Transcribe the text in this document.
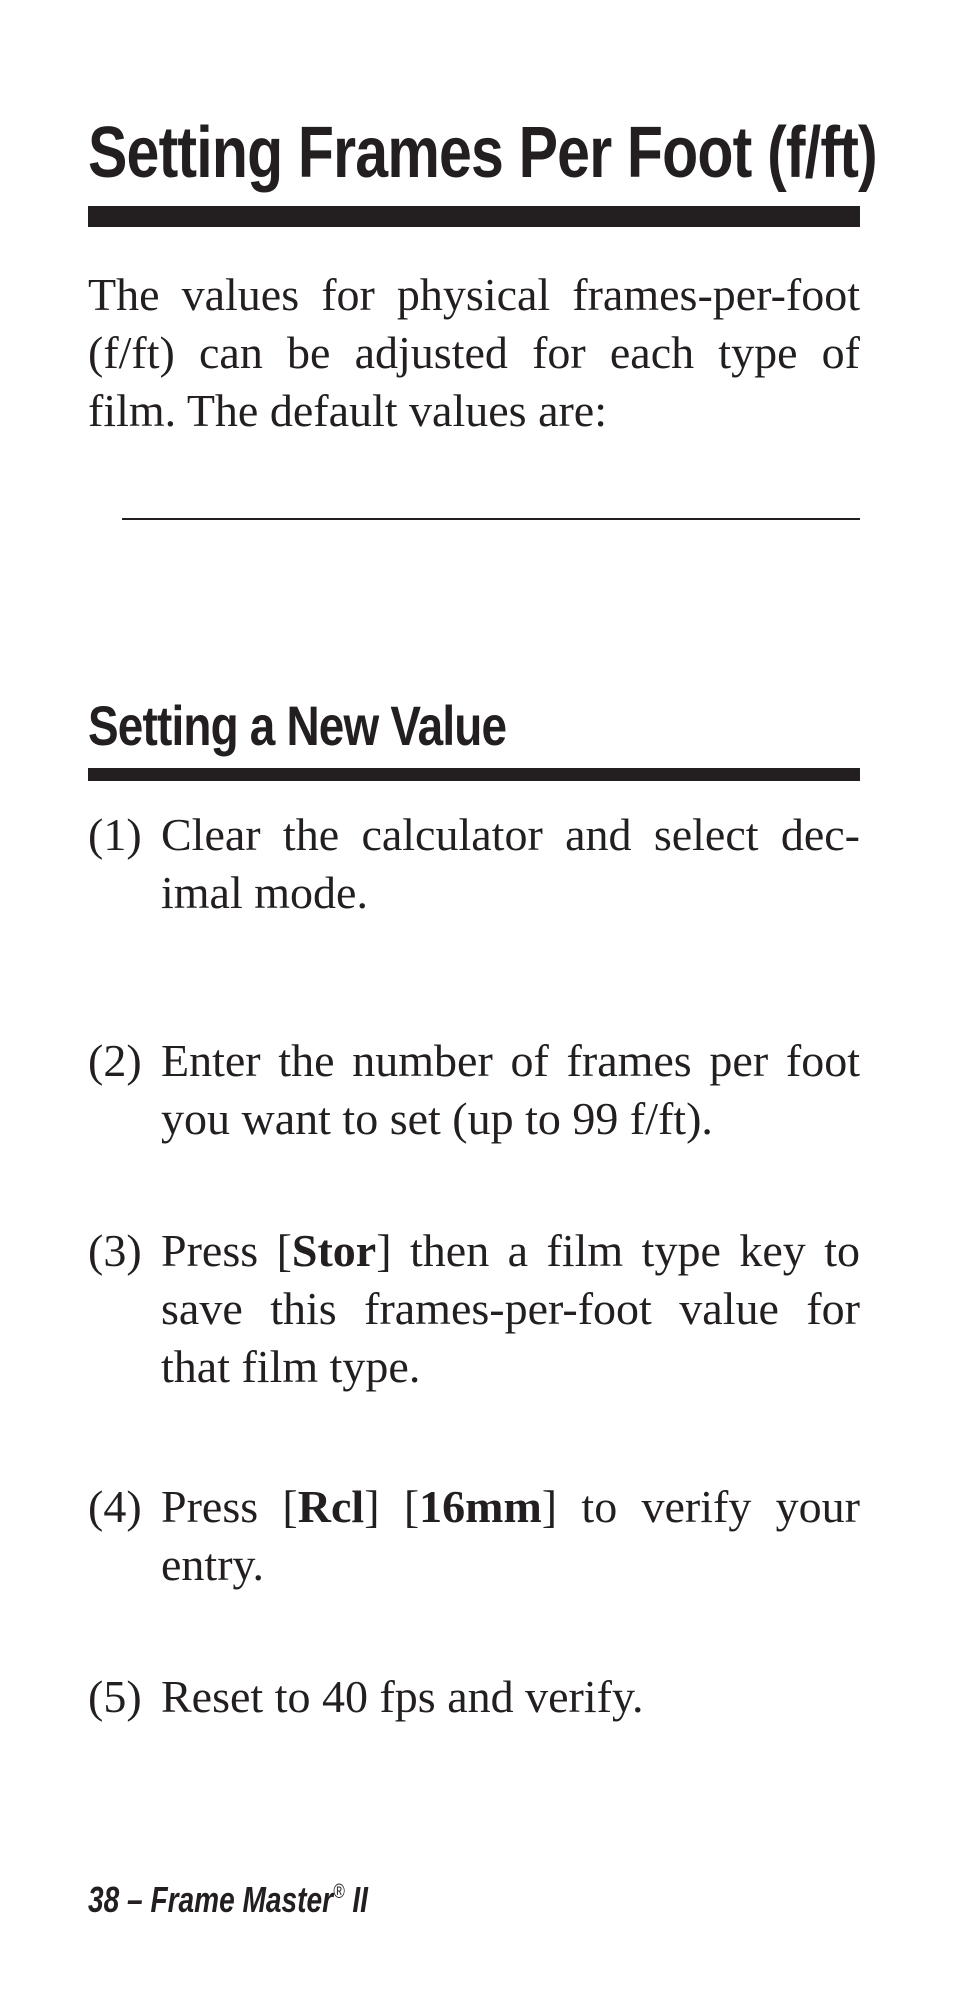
Setting Frames Per Foot (f/ft)

The values for physical frames-per-foot (f/ft) can be adjusted for each type of film. The default values are:

Setting a New Value
(1) Clear the calculator and select dec-imal mode.
(2) Enter the number of frames per foot you want to set (up to 99 f/ft).
(3) Press [Stor] then a film type key to save this frames-per-foot value for that film type.
(4) Press [Rcl] [16mm] to verify your entry.
(5) Reset to 40 fps and verify.
38 – Frame Master® II
